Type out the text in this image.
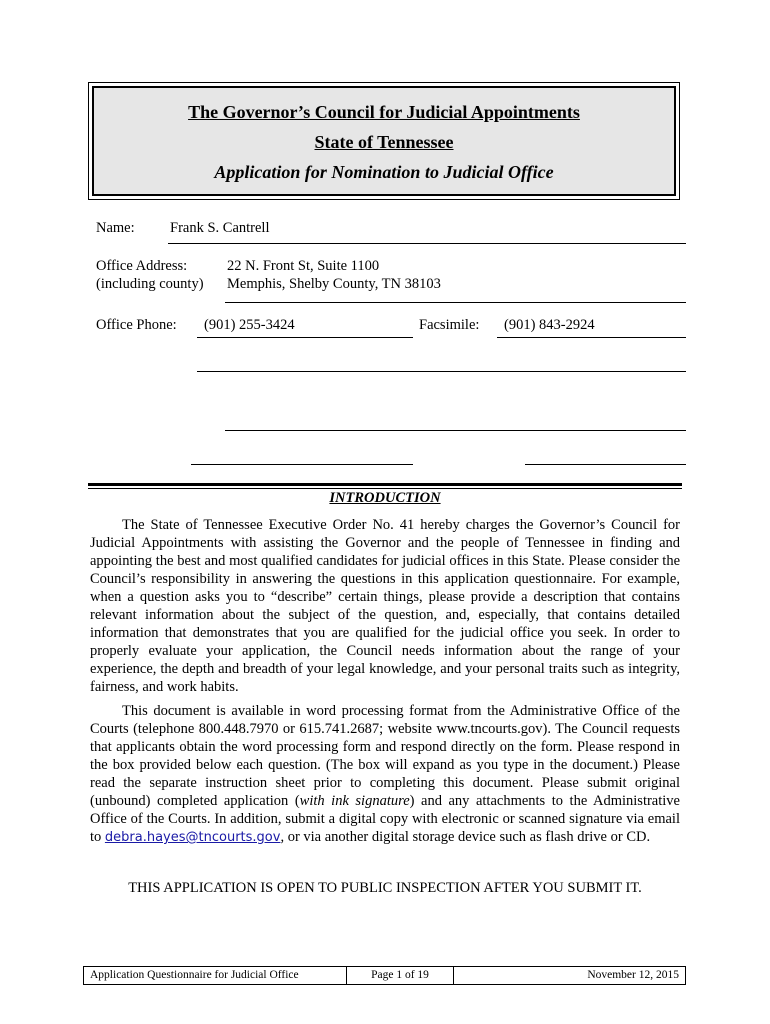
The Governor’s Council for Judicial Appointments
State of Tennessee
Application for Nomination to Judicial Office
Name: Frank S. Cantrell
Office Address:
(including county)
22 N. Front St, Suite 1100
Memphis, Shelby County, TN 38103
Office Phone: (901) 255-3424	Facsimile: (901) 843-2924
INTRODUCTION
The State of Tennessee Executive Order No. 41 hereby charges the Governor’s Council for Judicial Appointments with assisting the Governor and the people of Tennessee in finding and appointing the best and most qualified candidates for judicial offices in this State. Please consider the Council’s responsibility in answering the questions in this application questionnaire. For example, when a question asks you to “describe” certain things, please provide a description that contains relevant information about the subject of the question, and, especially, that contains detailed information that demonstrates that you are qualified for the judicial office you seek. In order to properly evaluate your application, the Council needs information about the range of your experience, the depth and breadth of your legal knowledge, and your personal traits such as integrity, fairness, and work habits.
This document is available in word processing format from the Administrative Office of the Courts (telephone 800.448.7970 or 615.741.2687; website www.tncourts.gov). The Council requests that applicants obtain the word processing form and respond directly on the form. Please respond in the box provided below each question. (The box will expand as you type in the document.) Please read the separate instruction sheet prior to completing this document. Please submit original (unbound) completed application (with ink signature) and any attachments to the Administrative Office of the Courts. In addition, submit a digital copy with electronic or scanned signature via email to debra.hayes@tncourts.gov, or via another digital storage device such as flash drive or CD.
THIS APPLICATION IS OPEN TO PUBLIC INSPECTION AFTER YOU SUBMIT IT.
Application Questionnaire for Judicial Office	Page 1 of 19	November 12, 2015
